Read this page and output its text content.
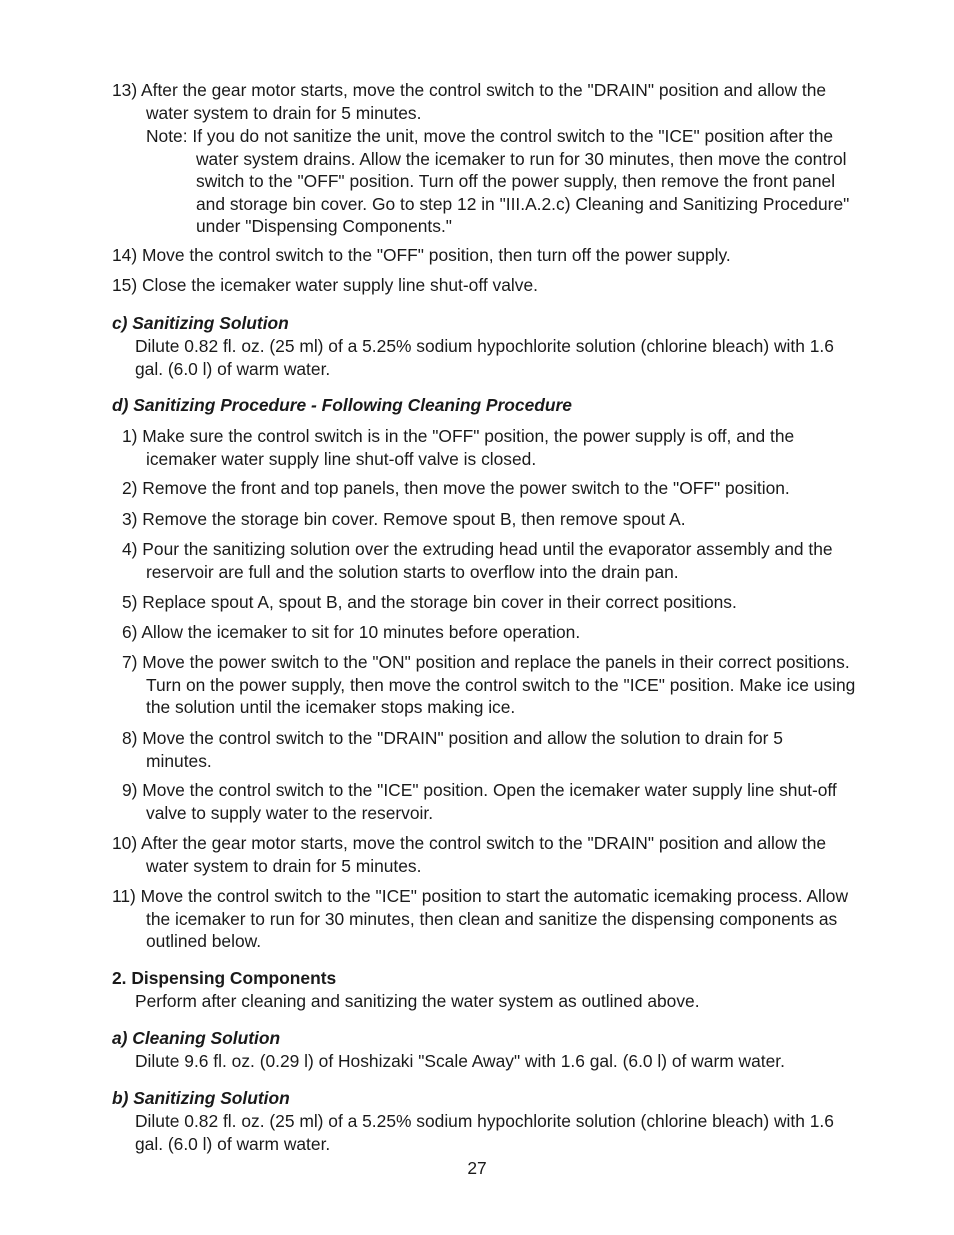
13) After the gear motor starts, move the control switch to the "DRAIN" position and allow the water system to drain for 5 minutes.
Note: If you do not sanitize the unit, move the control switch to the "ICE" position after the water system drains. Allow the icemaker to run for 30 minutes, then move the control switch to the "OFF" position. Turn off the power supply, then remove the front panel and storage bin cover. Go to step 12 in "III.A.2.c) Cleaning and Sanitizing Procedure" under "Dispensing Components."
14) Move the control switch to the "OFF" position, then turn off the power supply.
15) Close the icemaker water supply line shut-off valve.
c) Sanitizing Solution
Dilute 0.82 fl. oz. (25 ml) of a 5.25% sodium hypochlorite solution (chlorine bleach) with 1.6 gal. (6.0 l) of warm water.
d) Sanitizing Procedure - Following Cleaning Procedure
1) Make sure the control switch is in the "OFF" position, the power supply is off, and the icemaker water supply line shut-off valve is closed.
2) Remove the front and top panels, then move the power switch to the "OFF" position.
3) Remove the storage bin cover. Remove spout B, then remove spout A.
4) Pour the sanitizing solution over the extruding head until the evaporator assembly and the reservoir are full and the solution starts to overflow into the drain pan.
5) Replace spout A, spout B, and the storage bin cover in their correct positions.
6) Allow the icemaker to sit for 10 minutes before operation.
7) Move the power switch to the "ON" position and replace the panels in their correct positions. Turn on the power supply, then move the control switch to the "ICE" position. Make ice using the solution until the icemaker stops making ice.
8) Move the control switch to the "DRAIN" position and allow the solution to drain for 5 minutes.
9) Move the control switch to the "ICE" position. Open the icemaker water supply line shut-off valve to supply water to the reservoir.
10) After the gear motor starts, move the control switch to the "DRAIN" position and allow the water system to drain for 5 minutes.
11) Move the control switch to the "ICE" position to start the automatic icemaking process. Allow the icemaker to run for 30 minutes, then clean and sanitize the dispensing components as outlined below.
2. Dispensing Components
Perform after cleaning and sanitizing the water system as outlined above.
a) Cleaning Solution
Dilute 9.6 fl. oz. (0.29 l) of Hoshizaki "Scale Away" with 1.6 gal. (6.0 l) of warm water.
b) Sanitizing Solution
Dilute 0.82 fl. oz. (25 ml) of a 5.25% sodium hypochlorite solution (chlorine bleach) with 1.6 gal. (6.0 l) of warm water.
27
